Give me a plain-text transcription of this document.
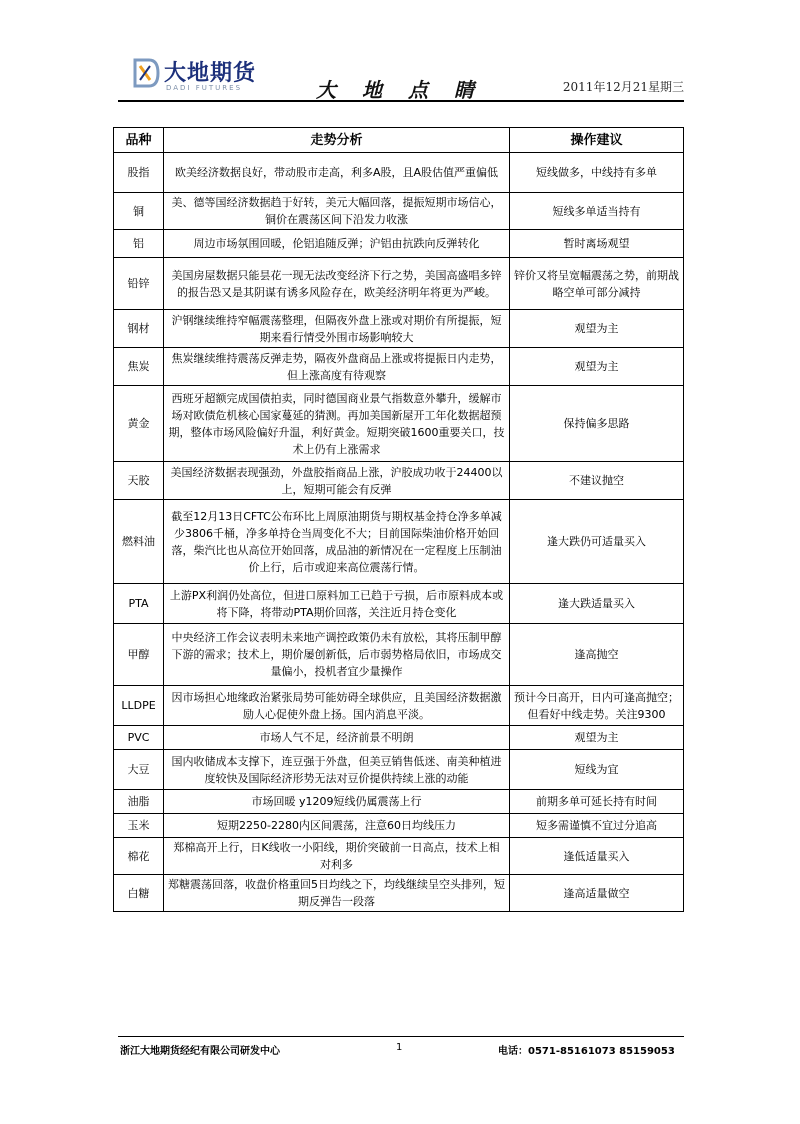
大地期货
DADI FUTURES	大地点睛	2011年12月21星期三
品种	走势分析	操作建议
股指	欧美经济数据良好，带动股市走高，利多A股，且A股估值严重偏低	短线做多，中线持有多单
铜	美、德等国经济数据趋于好转，美元大幅回落，提振短期市场信心，铜价在震荡区间下沿发力收涨	短线多单适当持有
铝	周边市场氛围回暖，伦铝追随反弹；沪铝由抗跌向反弹转化	暂时离场观望
铅锌	美国房屋数据只能昙花一现无法改变经济下行之势，美国高盛唱多锌的报告恐又是其阴谋有诱多风险存在，欧美经济明年将更为严峻。	锌价又将呈宽幅震荡之势，前期战略空单可部分减持
钢材	沪钢继续维持窄幅震荡整理，但隔夜外盘上涨或对期价有所提振，短期来看行情受外围市场影响较大	观望为主
焦炭	焦炭继续维持震荡反弹走势，隔夜外盘商品上涨或将提振日内走势，但上涨高度有待观察	观望为主
黄金	西班牙超额完成国债拍卖，同时德国商业景气指数意外攀升，缓解市场对欧债危机核心国家蔓延的猜测。再加美国新屋开工年化数据超预期，整体市场风险偏好升温，利好黄金。短期突破1600重要关口，技术上仍有上涨需求	保持偏多思路
天胶	美国经济数据表现强劲，外盘胶指商品上涨，沪胶成功收于24400以上，短期可能会有反弹	不建议抛空
燃料油	截至12月13日CFTC公布环比上周原油期货与期权基金持仓净多单减少3806千桶，净多单持仓当周变化不大；目前国际柴油价格开始回落，柴汽比也从高位开始回落，成品油的新情况在一定程度上压制油价上行，后市或迎来高位震荡行情。	逢大跌仍可适量买入
PTA	上游PX利润仍处高位，但进口原料加工已趋于亏损，后市原料成本或将下降，将带动PTA期价回落，关注近月持仓变化	逢大跌适量买入
甲醇	中央经济工作会议表明未来地产调控政策仍未有放松，其将压制甲醇下游的需求；技术上，期价屡创新低，后市弱势格局依旧，市场成交量偏小，投机者宜少量操作	逢高抛空
LLDPE	因市场担心地缘政治紧张局势可能妨碍全球供应，且美国经济数据激励人心促使外盘上扬。国内消息平淡。	预计今日高开，日内可逢高抛空；但看好中线走势。关注9300
PVC	市场人气不足，经济前景不明朗	观望为主
大豆	国内收储成本支撑下，连豆强于外盘，但美豆销售低迷、南美种植进度较快及国际经济形势无法对豆价提供持续上涨的动能	短线为宜
油脂	市场回暖 y1209短线仍属震荡上行	前期多单可延长持有时间
玉米	短期2250-2280内区间震荡，注意60日均线压力	短多需谨慎不宜过分追高
棉花	郑棉高开上行，日K线收一小阳线，期价突破前一日高点，技术上相对利多	逢低适量买入
白糖	郑糖震荡回落，收盘价格重回5日均线之下，均线继续呈空头排列，短期反弹告一段落	逢高适量做空
浙江大地期货经纪有限公司研发中心	1	电话：0571-85161073 85159053
